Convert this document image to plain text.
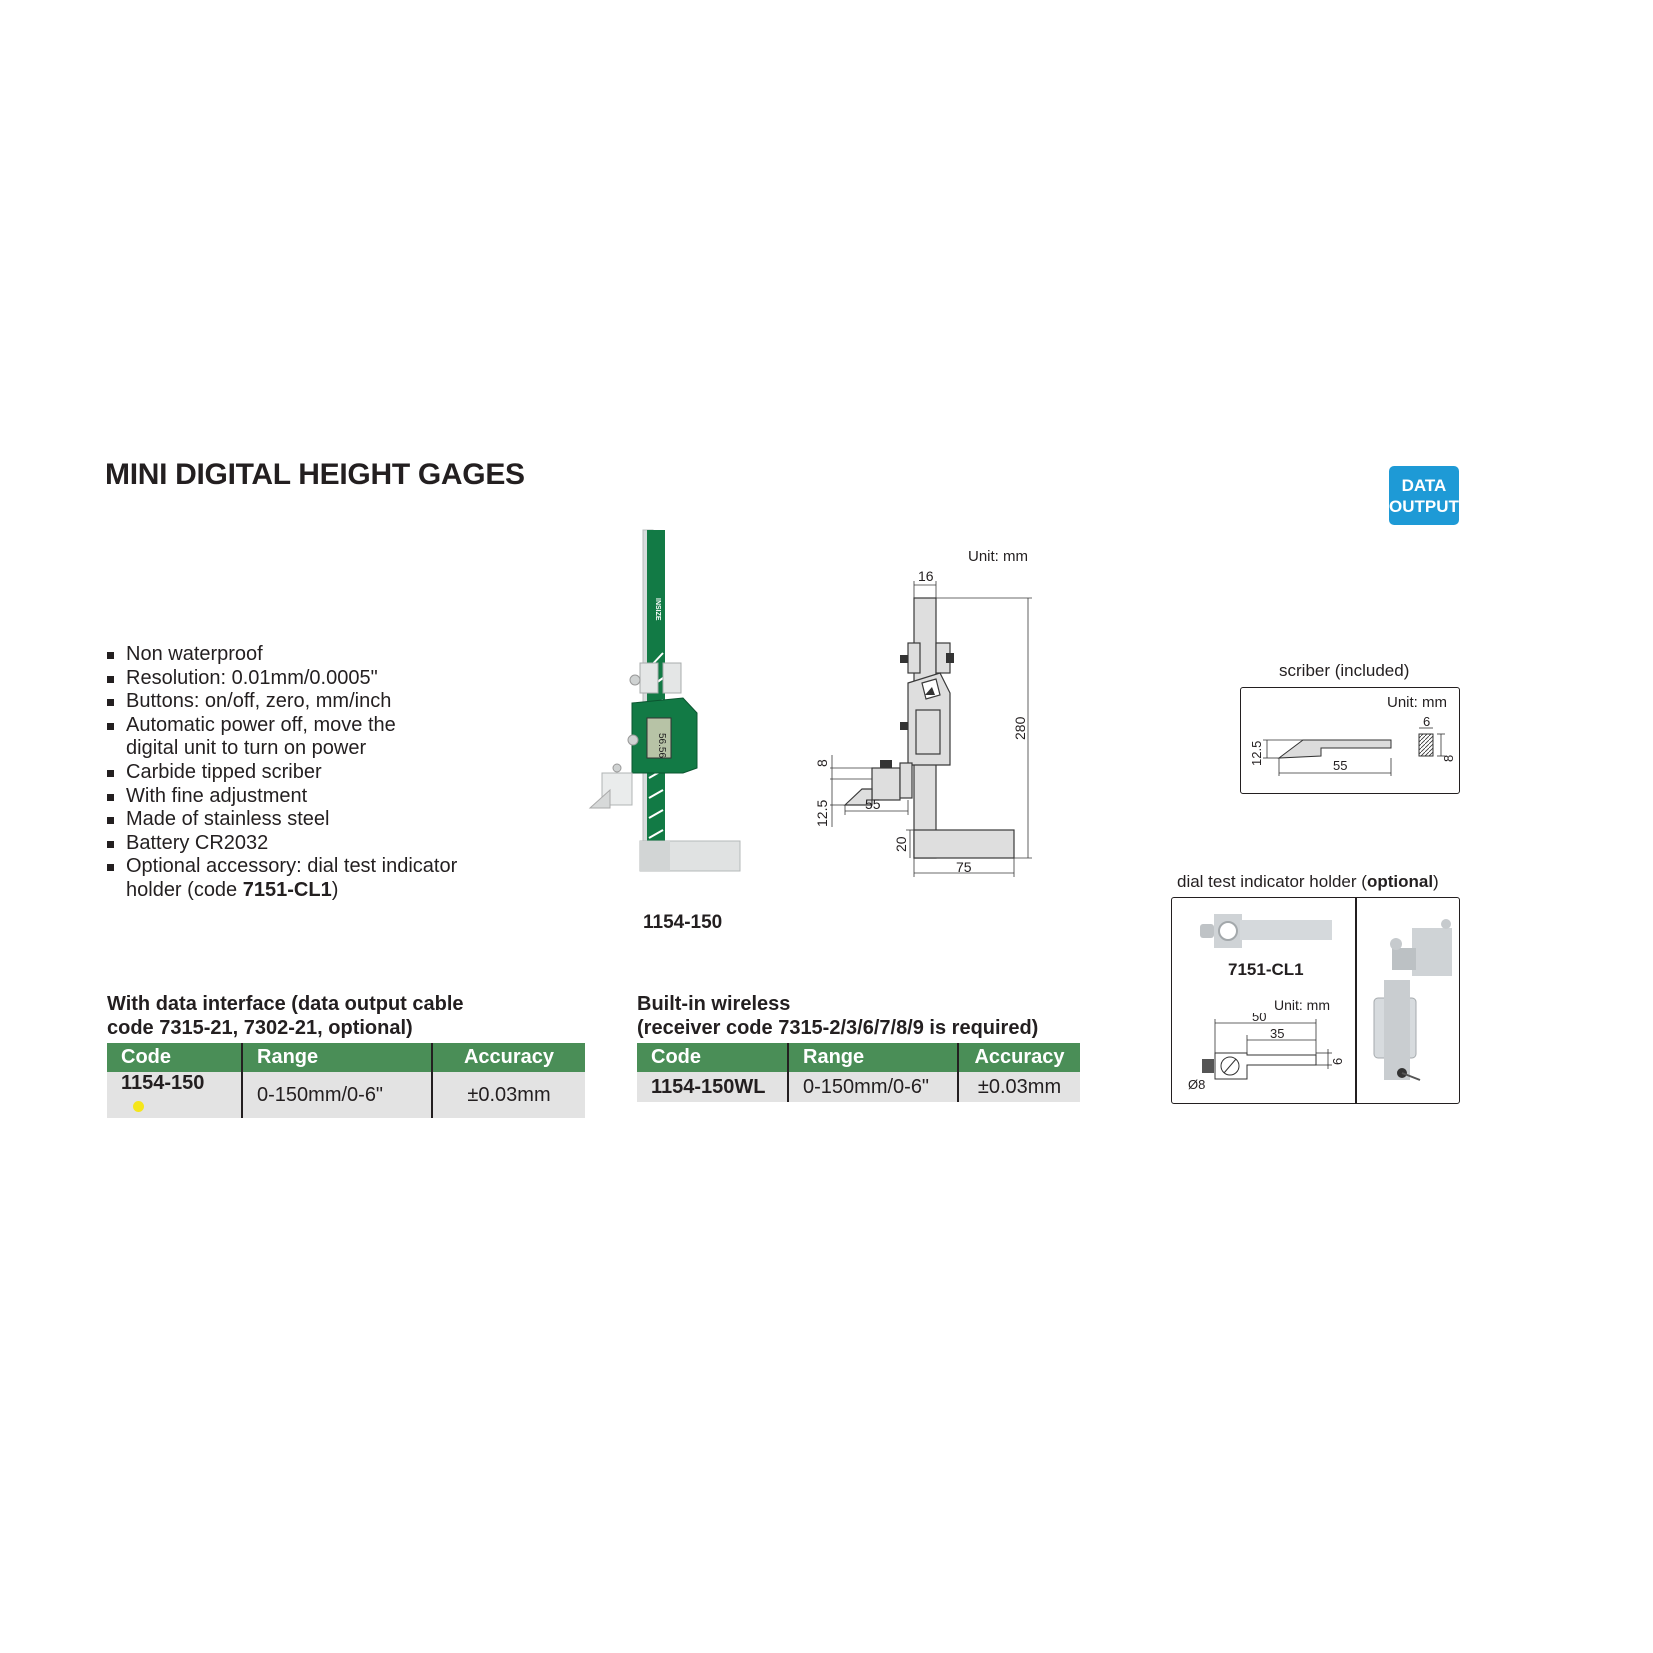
MINI DIGITAL HEIGHT GAGES	DATA
OUTPUT
Non waterproof
Resolution: 0.01mm/0.0005"
Buttons: on/off, zero, mm/inch
Automatic power off, move the digital unit to turn on power
Carbide tipped scriber
With fine adjustment
Made of stainless steel
Battery CR2032
Optional accessory: dial test indicator holder (code 7151-CL1)
INSIZE
56.56
1154-150
Unit: mm
16
280
8
12.5	55
20
75
scriber (included)
Unit: mm
12.5	55
6
8
dial test indicator holder (optional)
7151-CL1
Unit: mm
50
35
6
Ø8
With data interface (data output cable
code 7315-21, 7302-21, optional)
Code	Range	Accuracy
1154-150	0-150mm/0-6"	±0.03mm
Built-in wireless
(receiver code 7315-2/3/6/7/8/9 is required)
Code	Range	Accuracy
1154-150WL	0-150mm/0-6"	±0.03mm
